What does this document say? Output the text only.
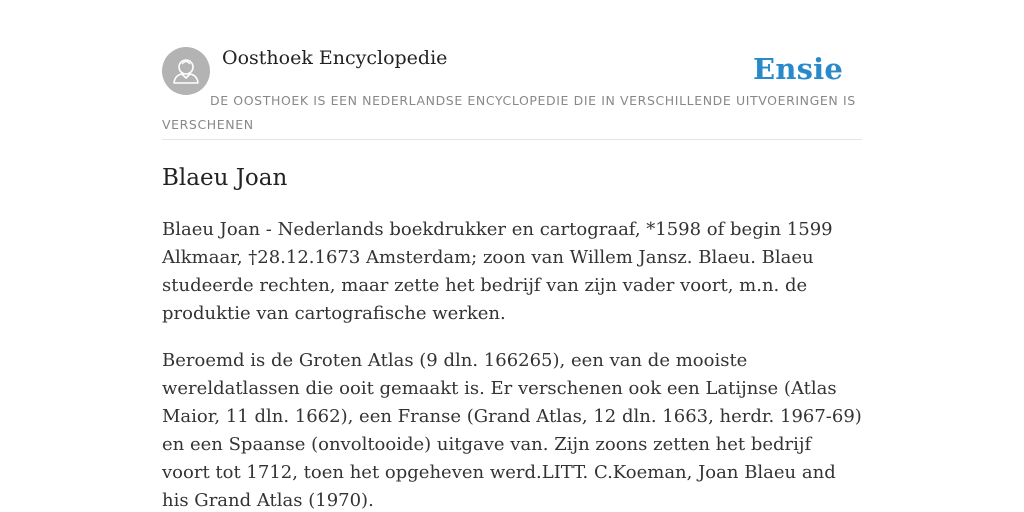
Oosthoek Encyclopedie	Ensie
DE OOSTHOEK IS EEN NEDERLANDSE ENCYCLOPEDIE DIE IN VERSCHILLENDE UITVOERINGEN IS VERSCHENEN
Blaeu Joan

Blaeu Joan - Nederlands boekdrukker en cartograaf, *1598 of begin 1599 Alkmaar, †28.12.1673 Amsterdam; zoon van Willem Jansz. Blaeu. Blaeu studeerde rechten, maar zette het bedrijf van zijn vader voort, m.n. de produktie van cartografische werken.

Beroemd is de Groten Atlas (9 dln. 166265), een van de mooiste wereldatlassen die ooit gemaakt is. Er verschenen ook een Latijnse (Atlas Maior, 11 dln. 1662), een Franse (Grand Atlas, 12 dln. 1663, herdr. 1967-69) en een Spaanse (onvoltooide) uitgave van. Zijn zoons zetten het bedrijf voort tot 1712, toen het opgeheven werd.LITT. C.Koeman, Joan Blaeu and his Grand Atlas (1970).
